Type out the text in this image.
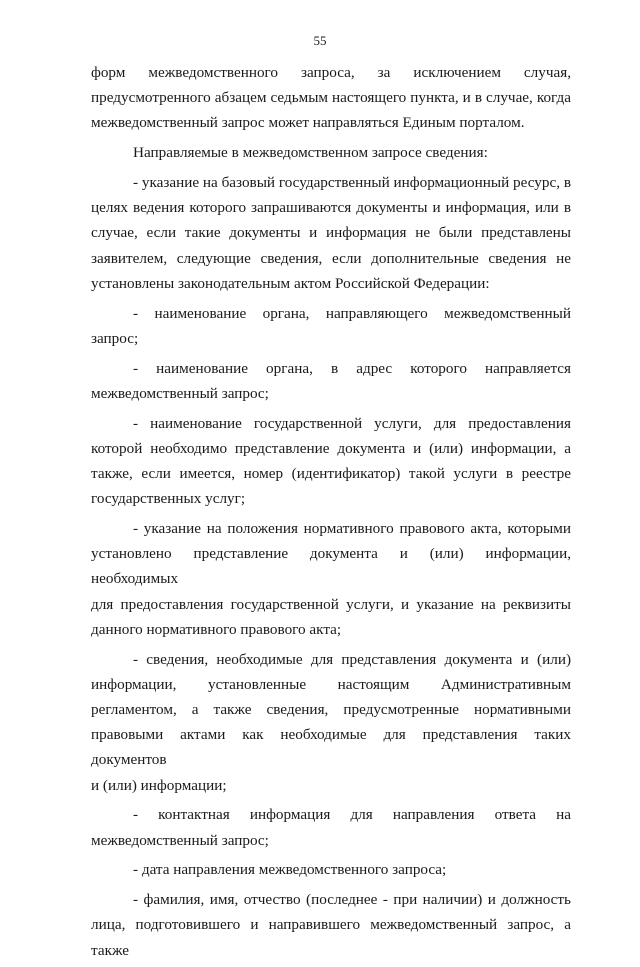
55

форм межведомственного запроса, за исключением случая,
предусмотренного абзацем седьмым настоящего пункта, и в случае, когда
межведомственный запрос может направляться Единым порталом.

Направляемые в межведомственном запросе сведения:

- указание на базовый государственный информационный ресурс, в
целях ведения которого запрашиваются документы и информация, или в
случае, если такие документы и информация не были представлены
заявителем, следующие сведения, если дополнительные сведения не
установлены законодательным актом Российской Федерации:

- наименование органа, направляющего межведомственный запрос;

- наименование органа, в адрес которого направляется
межведомственный запрос;

- наименование государственной услуги, для предоставления
которой необходимо представление документа и (или) информации, а
также, если имеется, номер (идентификатор) такой услуги в реестре
государственных услуг;

- указание на положения нормативного правового акта, которыми
установлено представление документа и (или) информации, необходимых
для предоставления государственной услуги, и указание на реквизиты
данного нормативного правового акта;

- сведения, необходимые для представления документа и (или)
информации, установленные настоящим Административным
регламентом, а также сведения, предусмотренные нормативными
правовыми актами как необходимые для представления таких документов
и (или) информации;

- контактная информация для направления ответа на
межведомственный запрос;

- дата направления межведомственного запроса;

- фамилия, имя, отчество (последнее - при наличии) и должность
лица, подготовившего и направившего межведомственный запрос, а также
